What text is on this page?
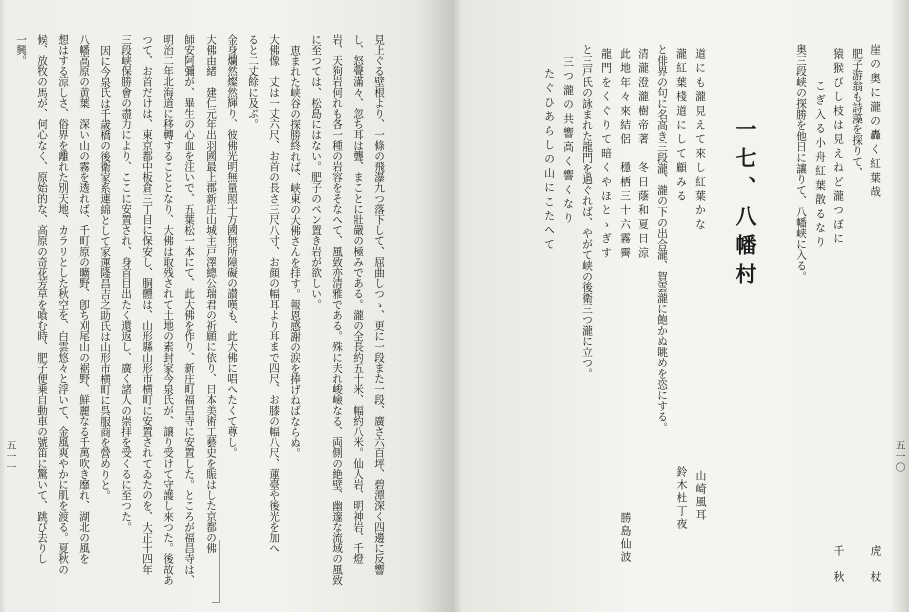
見上ぐる壁根より、一條の飛瀑九つ落下して、屈曲しつゝ、更に一段また一段、廣さ六百坪、碧潭深く四邊に反響
し、怒聲滿々、忽ち耳は聾、まことに壯嚴の極みである。瀧の全長約五十米、幅約八米。仙人岩、明神岩、千燈
岩、天狗岩何れも各一種の岩容をそなへて、風致亦清雅である。殊に夫れ峻嶮なる、両側の絶壁、幽邃な流域の風致
に至つては、松島にはない。肥子のペン置き岩が欲しい。
恵まれた峡谷の探勝終れば、峡東の大佛さんを拝す。報恩感謝の涙を捧げねばならぬ。
大佛像　丈は一丈六尺、お首の長さ三尺八寸、お顔の幅耳より耳まで四尺、お膝の幅八尺、蓮臺や後光を加へ
ると二丈餘に及ぶ。
金身爛然燦然輝り、彼佛光明無量照十方國無所障礙の讃嘆も、此大佛に唱へたくて尊し。
大佛由緒　建仁元年出羽國最上郡新庄山城主戸澤總公瑞君の祈願に依り、日本美術工藝史を賑はした京都の佛
師安阿彌が、畢生の心血を注いで、五葉松一本にて、此大佛を作り、新庄町福昌寺に安置した。ところが福昌寺は、
明治二年北海道に移轉することとなり、大佛は取残されて土地の素封家今泉氏が、譲り受けて守護し來つた。後故あ
つて、お首だけは、東京都中板倉三丁目に保安し、胴體は、山形縣山形市横町に安置されてゐたのを、大正十四年
三段峡保勝會の盡力により、ここに安置され、身首目出たく還返し、廣く諸人の崇拝を受くるに至つた。
因に今泉氏は千歳橋の後衛家系連綿として家運隆昌吉之助氏は山形市横町に呉服商を營めりと。
八幡高原の黄葉　深い山の霧を透れば、千町原の曠野、卽ち刈尾山の裾野、鮮麗なる千萬吹き靡れ、湖北の風を
想はする涼しさ、俗界を離れた別天地、カラリとした秋空を、白雲悠々と浮いて、金風爽やかに肌を渡る。夏秋の
候、放牧の馬が、何心なく、原始的な、高原の奇花芳草を喰む時、肥子便乗自動車の號笛に驚いて、跳び去りし
一興。
五一一
崖の奥に瀧の轟く紅葉哉
虎　杖
肥子游翁も詩藻を探りて、
猿猴びし枝は見えねど瀧つぼに
こぎ入る小舟紅葉散るなり
千　秋
奥三段峡の探勝を他日に讓りて、八幡峡に入る。
一七、八幡村
道にも瀧見えて來し紅葉かな
山崎風耳
瀧紅葉棧道にして顧みる
鈴木杜丁夜
と俳界の句に名高き三段瀧、瀧の下の出合瀧、賀雲瀧に飽かぬ眺めを恣にする。
清瀧澄瀧樹帝著　冬日蔭和夏日涼
此地年々來結侶　穩栖三十六霧霽
勝島仙波
龍門をくぐりて暗くやほとゝぎす
と三戸氏の詠まれた龍門を過ぐれば、やがて峡の後衛三つ瀧に立つ。
三つ瀧の共響高く響くなり
たぐひあらしの山にこたへて
五一〇
